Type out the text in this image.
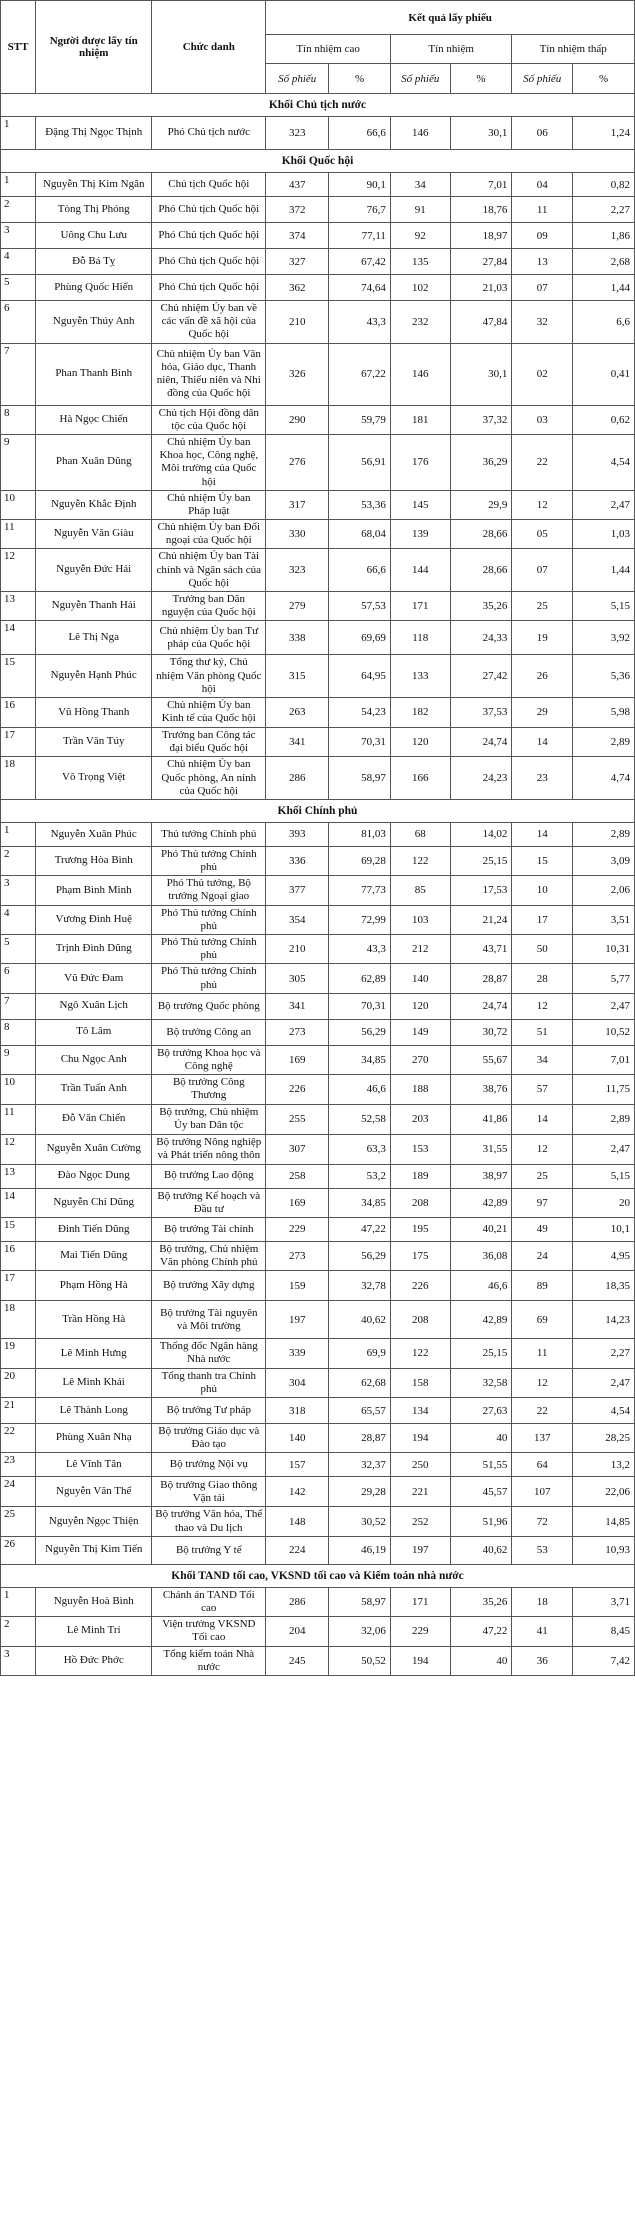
STT	Người được lấy tín nhiệm	Chức danh	Kết quả lấy phiếu					
			Tín nhiệm cao		Tín nhiệm		Tín nhiệm thấp	
			Số phiếu	%	Số phiếu	%	Số phiếu	%
Khối Chủ tịch nước								
1	Đặng Thị Ngọc Thịnh	Phó Chủ tịch nước	323	66,6	146	30,1	06	1,24
Khối Quốc hội								
1	Nguyễn Thị Kim Ngân	Chủ tịch Quốc hội	437	90,1	34	7,01	04	0,82
2	Tòng Thị Phóng	Phó Chủ tịch Quốc hội	372	76,7	91	18,76	11	2,27
3	Uông Chu Lưu	Phó Chủ tịch Quốc hội	374	77,11	92	18,97	09	1,86
4	Đỗ Bá Tỵ	Phó Chủ tịch Quốc hội	327	67,42	135	27,84	13	2,68
5	Phùng Quốc Hiển	Phó Chủ tịch Quốc hội	362	74,64	102	21,03	07	1,44
6	Nguyễn Thúy Anh	Chủ nhiệm Ủy ban về các vấn đề xã hội của Quốc hội	210	43,3	232	47,84	32	6,6
7	Phan Thanh Bình	Chủ nhiệm Ủy ban Văn hóa, Giáo dục, Thanh niên, Thiếu niên và Nhi đồng của Quốc hội	326	67,22	146	30,1	02	0,41
8	Hà Ngọc Chiến	Chủ tịch Hội đồng dân tộc của Quốc hội	290	59,79	181	37,32	03	0,62
9	Phan Xuân Dũng	Chủ nhiệm Ủy ban Khoa học, Công nghệ, Môi trường của Quốc hội	276	56,91	176	36,29	22	4,54
10	Nguyễn Khắc Định	Chủ nhiệm Ủy ban Pháp luật	317	53,36	145	29,9	12	2,47
11	Nguyễn Văn Giàu	Chủ nhiệm Ủy ban Đối ngoại của Quốc hội	330	68,04	139	28,66	05	1,03
12	Nguyễn Đức Hải	Chủ nhiệm Ủy ban Tài chính và Ngân sách của Quốc hội	323	66,6	144	28,66	07	1,44
13	Nguyễn Thanh Hải	Trưởng ban Dân nguyện của Quốc hội	279	57,53	171	35,26	25	5,15
14	Lê Thị Nga	Chủ nhiệm Ủy ban Tư pháp của Quốc hội	338	69,69	118	24,33	19	3,92
15	Nguyễn Hạnh Phúc	Tổng thư ký, Chủ nhiệm Văn phòng Quốc hội	315	64,95	133	27,42	26	5,36
16	Vũ Hồng Thanh	Chủ nhiệm Ủy ban Kinh tế của Quốc hội	263	54,23	182	37,53	29	5,98
17	Trần Văn Túy	Trưởng ban Công tác đại biểu Quốc hội	341	70,31	120	24,74	14	2,89
18	Võ Trọng Việt	Chủ nhiệm Ủy ban Quốc phòng, An ninh của Quốc hội	286	58,97	166	24,23	23	4,74
Khối Chính phủ								
1	Nguyễn Xuân Phúc	Thủ tướng Chính phủ	393	81,03	68	14,02	14	2,89
2	Trương Hòa Bình	Phó Thủ tướng Chính phủ	336	69,28	122	25,15	15	3,09
3	Phạm Bình Minh	Phó Thủ tướng, Bộ trưởng Ngoại giao	377	77,73	85	17,53	10	2,06
4	Vương Đình Huệ	Phó Thủ tướng Chính phủ	354	72,99	103	21,24	17	3,51
5	Trịnh Đình Dũng	Phó Thủ tướng Chính phủ	210	43,3	212	43,71	50	10,31
6	Vũ Đức Đam	Phó Thủ tướng Chính phủ	305	62,89	140	28,87	28	5,77
7	Ngô Xuân Lịch	Bộ trưởng Quốc phòng	341	70,31	120	24,74	12	2,47
8	Tô Lâm	Bộ trưởng Công an	273	56,29	149	30,72	51	10,52
9	Chu Ngọc Anh	Bộ trưởng Khoa học và Công nghệ	169	34,85	270	55,67	34	7,01
10	Trần Tuấn Anh	Bộ trưởng Công Thương	226	46,6	188	38,76	57	11,75
11	Đỗ Văn Chiến	Bộ trưởng, Chủ nhiệm Ủy ban Dân tộc	255	52,58	203	41,86	14	2,89
12	Nguyễn Xuân Cường	Bộ trưởng Nông nghiệp và Phát triển nông thôn	307	63,3	153	31,55	12	2,47
13	Đào Ngọc Dung	Bộ trưởng Lao động	258	53,2	189	38,97	25	5,15
14	Nguyễn Chí Dũng	Bộ trưởng Kế hoạch và Đầu tư	169	34,85	208	42,89	97	20
15	Đinh Tiến Dũng	Bộ trưởng Tài chính	229	47,22	195	40,21	49	10,1
16	Mai Tiến Dũng	Bộ trưởng, Chủ nhiệm Văn phòng Chính phủ	273	56,29	175	36,08	24	4,95
17	Phạm Hồng Hà	Bộ trưởng Xây dựng	159	32,78	226	46,6	89	18,35
18	Trần Hồng Hà	Bộ trưởng Tài nguyên và Môi trường	197	40,62	208	42,89	69	14,23
19	Lê Minh Hưng	Thống đốc Ngân hàng Nhà nước	339	69,9	122	25,15	11	2,27
20	Lê Minh Khái	Tổng thanh tra Chính phủ	304	62,68	158	32,58	12	2,47
21	Lê Thành Long	Bộ trưởng Tư pháp	318	65,57	134	27,63	22	4,54
22	Phùng Xuân Nhạ	Bộ trưởng Giáo dục và Đào tạo	140	28,87	194	40	137	28,25
23	Lê Vĩnh Tân	Bộ trưởng Nội vụ	157	32,37	250	51,55	64	13,2
24	Nguyễn Văn Thể	Bộ trưởng Giao thông Vận tải	142	29,28	221	45,57	107	22,06
25	Nguyễn Ngọc Thiện	Bộ trưởng Văn hóa, Thể thao và Du lịch	148	30,52	252	51,96	72	14,85
26	Nguyễn Thị Kim Tiến	Bộ trưởng Y tế	224	46,19	197	40,62	53	10,93
Khối TAND tối cao, VKSND tối cao và Kiểm toán nhà nước								
1	Nguyễn Hoà Bình	Chánh án TAND Tối cao	286	58,97	171	35,26	18	3,71
2	Lê Minh Trí	Viện trưởng VKSND Tối cao	204	32,06	229	47,22	41	8,45
3	Hồ Đức Phớc	Tổng kiểm toán Nhà nước	245	50,52	194	40	36	7,42
